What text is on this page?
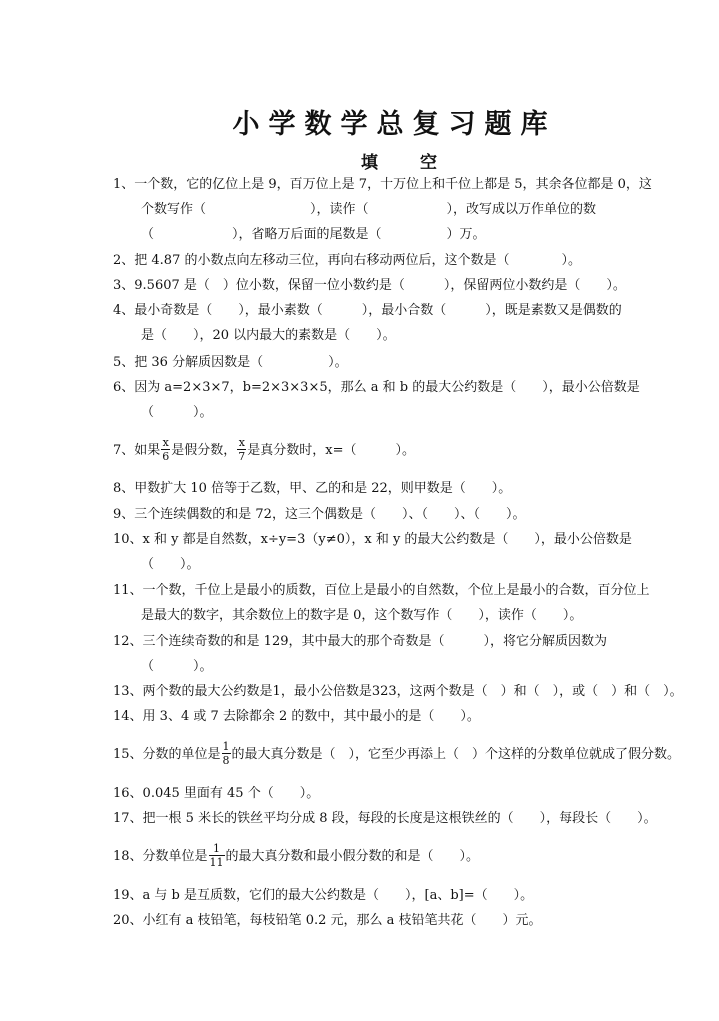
小学数学总复习题库
填 空
1、一个数，它的亿位上是 9，百万位上是 7，十万位上和千位上都是 5，其余各位都是 0，这

个数写作（　　　　　　　　），读作（　　　　　　），改写成以万作单位的数
（　　　　　　），省略万后面的尾数是（　　　　　）万。
2、把 4.87 的小数点向左移动三位，再向右移动两位后，这个数是（　　　　）。
3、9.5607 是（　）位小数，保留一位小数约是（　　　），保留两位小数约是（　　）。
4、最小奇数是（　　），最小素数（　　　），最小合数（　　　），既是素数又是偶数的

是（　　），20 以内最大的素数是（　　）。
5、把 36 分解质因数是（　　　　　）。
6、因为 a=2×3×7，b=2×3×3×5，那么 a 和 b 的最大公约数是（　　），最小公倍数是

（　　　）。
7、如果 $\frac{x}{6}$ 是假分数， $\frac{x}{7}$ 是真分数时，x=（　　　）。
8、甲数扩大 10 倍等于乙数，甲、乙的和是 22，则甲数是（　　）。
9、三个连续偶数的和是 72，这三个偶数是（　　）、（　　）、（　　）。
10、x 和 y 都是自然数，x÷y=3（y≠0），x 和 y 的最大公约数是（　　），最小公倍数是

（　　）。
11、一个数，千位上是最小的质数，百位上是最小的自然数，个位上是最小的合数，百分位上

是最大的数字，其余数位上的数字是 0，这个数写作（　　），读作（　　）。
12、三个连续奇数的和是 129，其中最大的那个奇数是（　　　），将它分解质因数为

（　　　）。
13、两个数的最大公约数是1，最小公倍数是323，这两个数是（　）和（　），或（　）和（　）。
14、用 3、4 或 7 去除都余 2 的数中，其中最小的是（　　）。
15、分数的单位是 $\frac{1}{8}$ 的最大真分数是（　），它至少再添上（　）个这样的分数单位就成了假分数。
16、0.045 里面有 45 个（　　）。
17、把一根 5 米长的铁丝平均分成 8 段，每段的长度是这根铁丝的（　　），每段长（　　）。
18、分数单位是 $\frac{1}{11}$ 的最大真分数和最小假分数的和是（　　）。
19、a 与 b 是互质数，它们的最大公约数是（　　），[a、b]=（　　）。
20、小红有 a 枝铅笔，每枝铅笔 0.2 元，那么 a 枝铅笔共花（　　）元。
